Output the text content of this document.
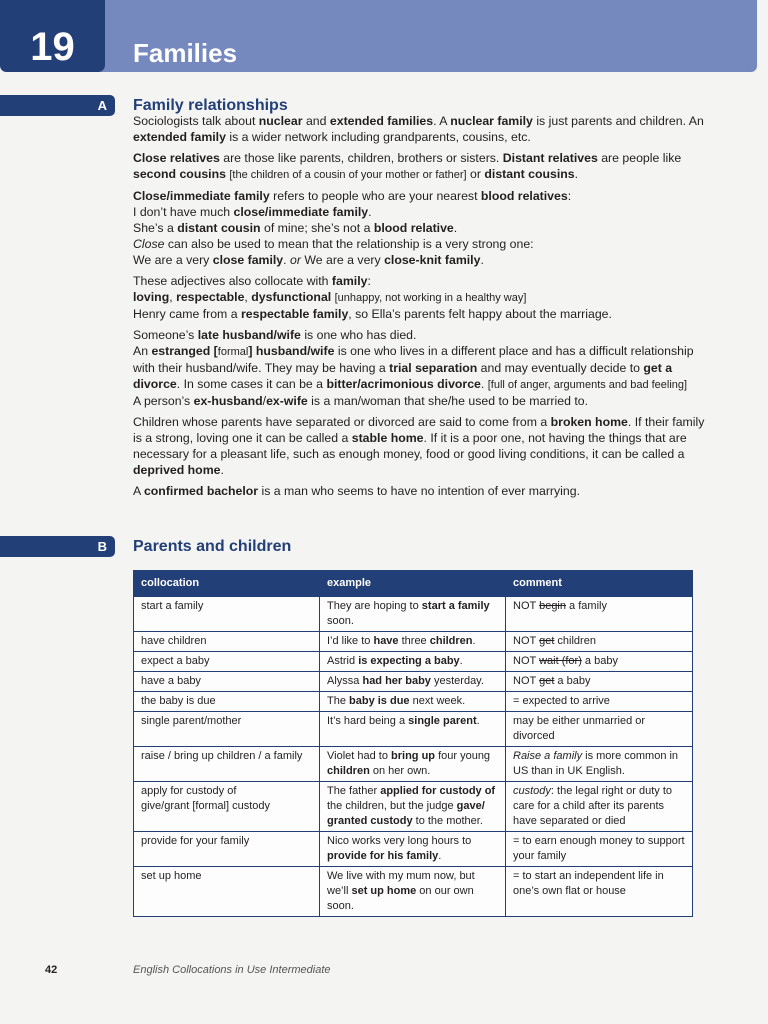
19	Families
A Family relationships

Sociologists talk about nuclear and extended families. A nuclear family is just parents and children. An extended family is a wider network including grandparents, cousins, etc.

Close relatives are those like parents, children, brothers or sisters. Distant relatives are people like second cousins [the children of a cousin of your mother or father] or distant cousins.

Close/immediate family refers to people who are your nearest blood relatives:
I don’t have much close/immediate family.
She’s a distant cousin of mine; she’s not a blood relative.
Close can also be used to mean that the relationship is a very strong one:
We are a very close family. or We are a very close-knit family.

These adjectives also collocate with family:
loving, respectable, dysfunctional [unhappy, not working in a healthy way]
Henry came from a respectable family, so Ella’s parents felt happy about the marriage.

Someone’s late husband/wife is one who has died.
An estranged [formal] husband/wife is one who lives in a different place and has a difficult relationship with their husband/wife. They may be having a trial separation and may eventually decide to get a divorce. In some cases it can be a bitter/acrimonious divorce. [full of anger, arguments and bad feeling]
A person’s ex-husband/ex-wife is a man/woman that she/he used to be married to.

Children whose parents have separated or divorced are said to come from a broken home. If their family is a strong, loving one it can be called a stable home. If it is a poor one, not having the things that are necessary for a pleasant life, such as enough money, food or good living conditions, it can be called a deprived home.

A confirmed bachelor is a man who seems to have no intention of ever marrying.

B Parents and children
collocation	example	comment
start a family	They are hoping to start a family soon.	NOT begin a family
have children	I’d like to have three children.	NOT get children
expect a baby	Astrid is expecting a baby.	NOT wait (for) a baby
have a baby	Alyssa had her baby yesterday.	NOT get a baby
the baby is due	The baby is due next week.	= expected to arrive
single parent/mother	It’s hard being a single parent.	may be either unmarried or divorced
raise / bring up children / a family	Violet had to bring up four young children on her own.	Raise a family is more common in US than in UK English.
apply for custody of
give/grant [formal] custody	The father applied for custody of the children, but the judge gave/ granted custody to the mother.	custody: the legal right or duty to care for a child after its parents have separated or died
provide for your family	Nico works very long hours to provide for his family.	= to earn enough money to support your family
set up home	We live with my mum now, but we’ll set up home on our own soon.	= to start an independent life in one’s own flat or house
42	English Collocations in Use Intermediate
